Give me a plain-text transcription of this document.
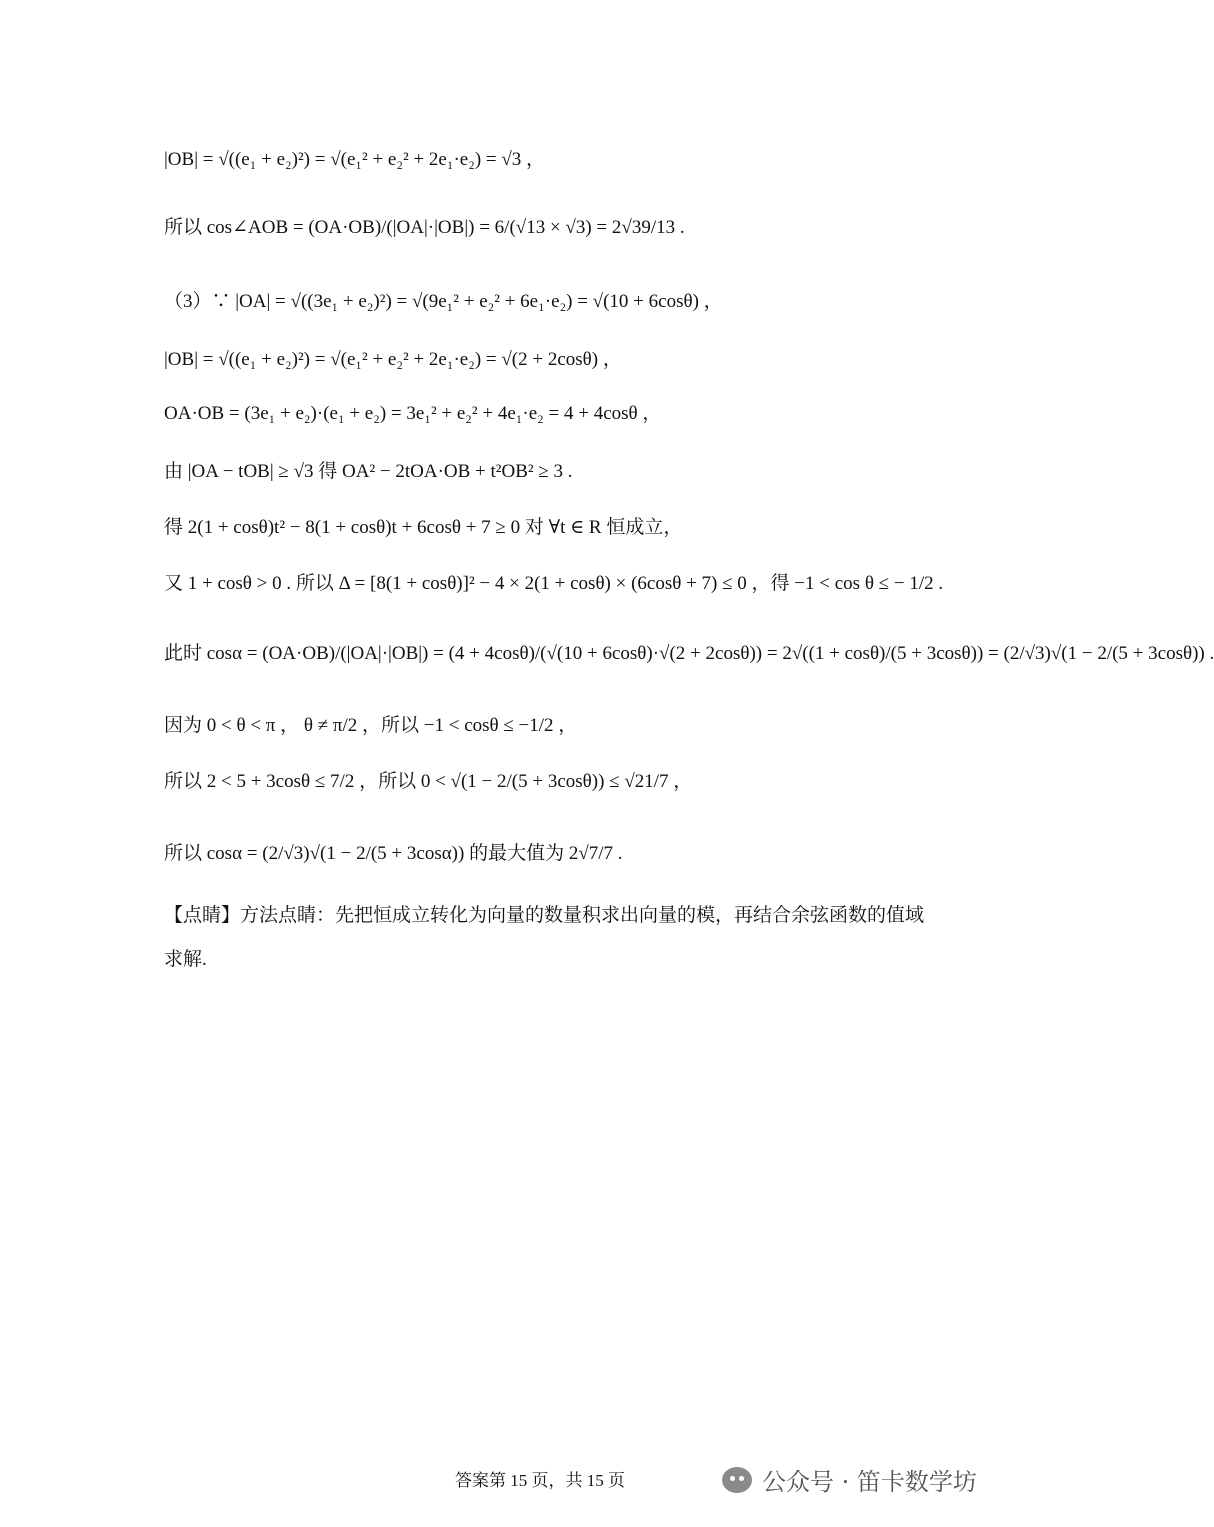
|OB| = √((e₁ + e₂)²) = √(e₁² + e₂² + 2e₁·e₂) = √3 ，
所以 cos∠AOB = (OA·OB)/(|OA|·|OB|) = 6/(√13 × √3) = 2√39/13 .
（3）∵ |OA| = √((3e₁ + e₂)²) = √(9e₁² + e₂² + 6e₁·e₂) = √(10 + 6cosθ) ，
|OB| = √((e₁ + e₂)²) = √(e₁² + e₂² + 2e₁·e₂) = √(2 + 2cosθ) ，
OA·OB = (3e₁ + e₂)·(e₁ + e₂) = 3e₁² + e₂² + 4e₁·e₂ = 4 + 4cosθ ，
由 |OA − tOB| ≥ √3 得 OA² − 2tOA·OB + t²OB² ≥ 3 .
得 2(1 + cosθ)t² − 8(1 + cosθ)t + 6cosθ + 7 ≥ 0 对 ∀t ∈ R 恒成立，
又 1 + cosθ > 0 . 所以 Δ = [8(1 + cosθ)]² − 4 × 2(1 + cosθ) × (6cosθ + 7) ≤ 0 ，得 −1 < cos θ ≤ − 1/2 .
此时 cosα = (OA·OB)/(|OA|·|OB|) = (4 + 4cosθ)/(√(10 + 6cosθ)·√(2 + 2cosθ)) = 2√((1 + cosθ)/(5 + 3cosθ)) = (2/√3)√(1 − 2/(5 + 3cosθ)) .
因为 0 < θ < π ， θ ≠ π/2 ，所以 −1 < cosθ ≤ −1/2 ，
所以 2 < 5 + 3cosθ ≤ 7/2 ，所以 0 < √(1 − 2/(5 + 3cosθ)) ≤ √21/7 ，
所以 cosα = (2/√3)√(1 − 2/(5 + 3cosα)) 的最大值为 2√7/7 .
【点睛】方法点睛：先把恒成立转化为向量的数量积求出向量的模，再结合余弦函数的值域求解.
答案第 15 页，共 15 页	公众号 · 笛卡数学坊
